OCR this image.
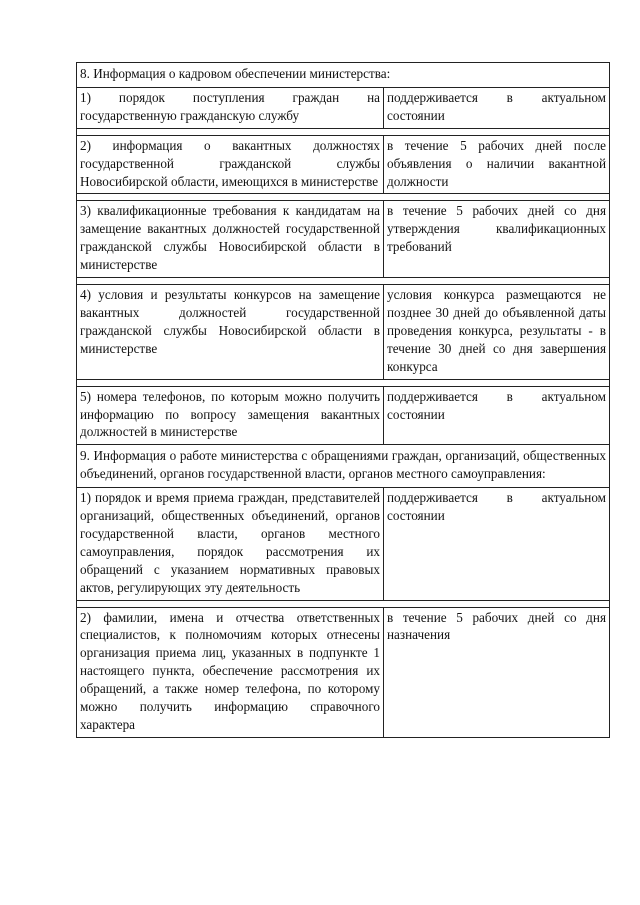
8. Информация о кадровом обеспечении министерства:	

1) порядок поступления граждан на государственную гражданскую службу	поддерживается в актуальном состоянии

2) информация о вакантных должностях государственной гражданской службы Новосибирской области, имеющихся в министерстве	в течение 5 рабочих дней после объявления о наличии вакантной должности

3) квалификационные требования к кандидатам на замещение вакантных должностей государственной гражданской службы Новосибирской области в министерстве	в течение 5 рабочих дней со дня утверждения квалификационных требований

4) условия и результаты конкурсов на замещение вакантных должностей государственной гражданской службы Новосибирской области в министерстве	условия конкурса размещаются не позднее 30 дней до объявленной даты проведения конкурса, результаты - в течение 30 дней со дня завершения конкурса

5) номера телефонов, по которым можно получить информацию по вопросу замещения вакантных должностей в министерстве	поддерживается в актуальном состоянии

9. Информация о работе министерства с обращениями граждан, организаций, общественных объединений, органов государственной власти, органов местного самоуправления:	

1) порядок и время приема граждан, представителей организаций, общественных объединений, органов государственной власти, органов местного самоуправления, порядок рассмотрения их обращений с указанием нормативных правовых актов, регулирующих эту деятельность	поддерживается в актуальном состоянии

2) фамилии, имена и отчества ответственных специалистов, к полномочиям которых отнесены организация приема лиц, указанных в подпункте 1 настоящего пункта, обеспечение рассмотрения их обращений, а также номер телефона, по которому можно получить информацию справочного характера	в течение 5 рабочих дней со дня назначения
